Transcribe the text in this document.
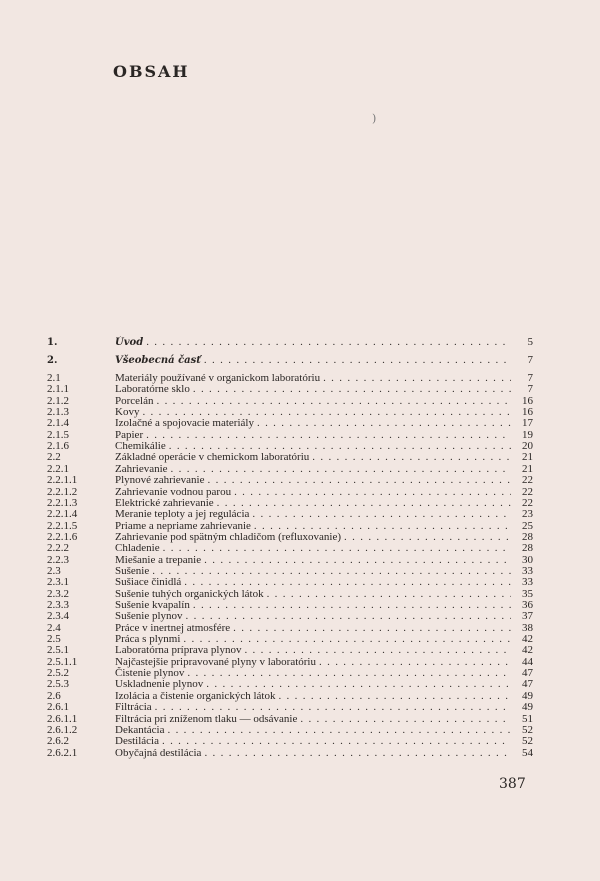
OBSAH
)
1.	Úvod . . .	5
2.	Všeobecná časť . . .	7
2.1	Materiály používané v organickom laboratóriu . . .	7
2.1.1	Laboratórne sklo . . .	7
2.1.2	Porcelán . . .	16
2.1.3	Kovy . . .	16
2.1.4	Izolačné a spojovacie materiály . . .	17
2.1.5	Papier . . .	19
2.1.6	Chemikálie . . .	20
2.2	Základné operácie v chemickom laboratóriu . . .	21
2.2.1	Zahrievanie . . .	21
2.2.1.1	Plynové zahrievanie . . .	22
2.2.1.2	Zahrievanie vodnou parou . . .	22
2.2.1.3	Elektrické zahrievanie . . .	22
2.2.1.4	Meranie teploty a jej regulácia . . .	23
2.2.1.5	Priame a nepriame zahrievanie . . .	25
2.2.1.6	Zahrievanie pod spätným chladičom (refluxovanie) . . .	28
2.2.2	Chladenie . . .	28
2.2.3	Miešanie a trepanie . . .	30
2.3	Sušenie . . .	33
2.3.1	Sušiace činidlá . . .	33
2.3.2	Sušenie tuhých organických látok . . .	35
2.3.3	Sušenie kvapalín . . .	36
2.3.4	Sušenie plynov . . .	37
2.4	Práce v inertnej atmosfére . . .	38
2.5	Práca s plynmi . . .	42
2.5.1	Laboratórna príprava plynov . . .	42
2.5.1.1	Najčastejšie pripravované plyny v laboratóriu . . .	44
2.5.2	Čistenie plynov . . .	47
2.5.3	Uskladnenie plynov . . .	47
2.6	Izolácia a čistenie organických látok . . .	49
2.6.1	Filtrácia . . .	49
2.6.1.1	Filtrácia pri zníženom tlaku — odsávanie . . .	51
2.6.1.2	Dekantácia . . .	52
2.6.2	Destilácia . . .	52
2.6.2.1	Obyčajná destilácia . . .	54
387
